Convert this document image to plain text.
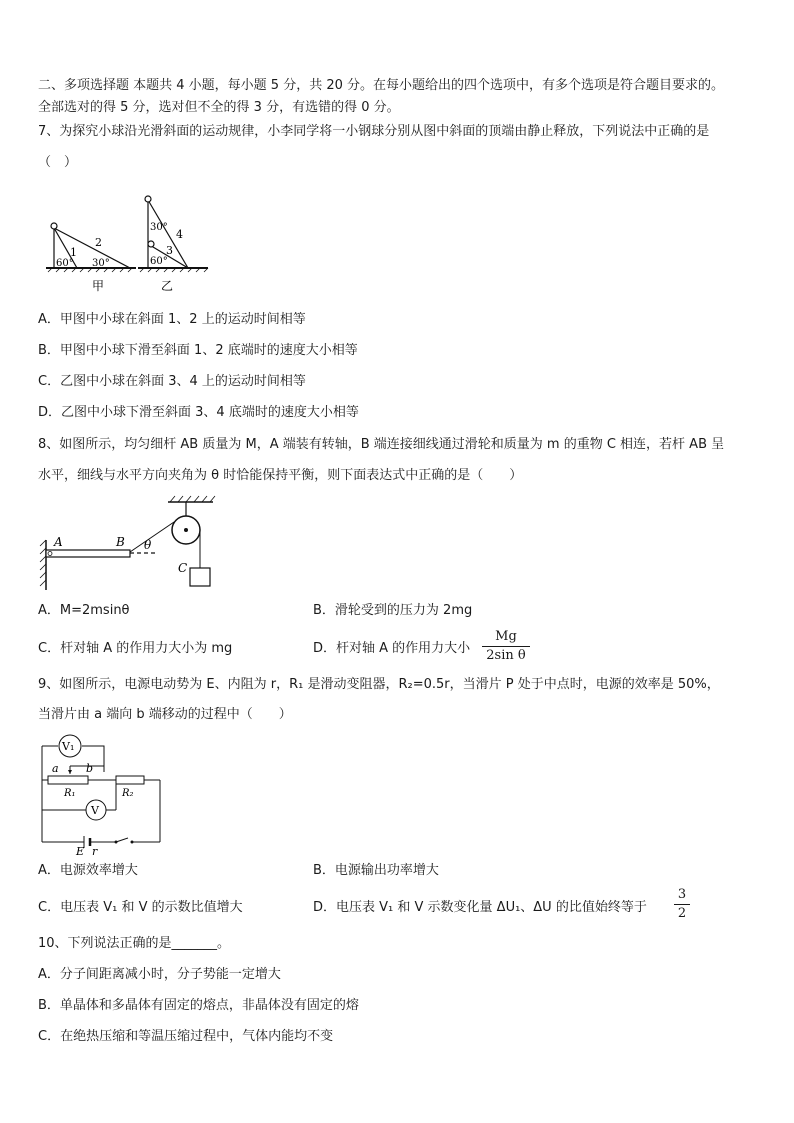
二、多项选择题 本题共 4 小题，每小题 5 分，共 20 分。在每小题给出的四个选项中，有多个选项是符合题目要求的。
全部选对的得 5 分，选对但不全的得 3 分，有选错的得 0 分。
7、为探究小球沿光滑斜面的运动规律，小李同学将一小钢球分别从图中斜面的顶端由静止释放，下列说法中正确的是
（　）
1
2
60° 30°
甲
30°
60°
4
3
乙
A．甲图中小球在斜面 1、2 上的运动时间相等
B．甲图中小球下滑至斜面 1、2 底端时的速度大小相等
C．乙图中小球在斜面 3、4 上的运动时间相等
D．乙图中小球下滑至斜面 3、4 底端时的速度大小相等
8、如图所示，均匀细杆 AB 质量为 M，A 端装有转轴，B 端连接细线通过滑轮和质量为 m 的重物 C 相连，若杆 AB 呈
水平，细线与水平方向夹角为 θ 时恰能保持平衡，则下面表达式中正确的是（　　）
A	B θ
C
A．M=2msinθ	B．滑轮受到的压力为 2mg
C．杆对轴 A 的作用力大小为 mg	D．杆对轴 A 的作用力大小
Mg
2sin θ
9、如图所示，电源电动势为 E、内阻为 r，R₁ 是滑动变阻器，R₂=0.5r，当滑片 P 处于中点时，电源的效率是 50%，
当滑片由 a 端向 b 端移动的过程中（　　）
V₁
V
a b
R₁	R₂
E r
A．电源效率增大	B．电源输出功率增大
C．电压表 V₁ 和 V 的示数比值增大	D．电压表 V₁ 和 V 示数变化量 ΔU₁、ΔU 的比值始终等于
3
2
10、下列说法正确的是_______。
A．分子间距离减小时，分子势能一定增大
B．单晶体和多晶体有固定的熔点，非晶体没有固定的熔
C．在绝热压缩和等温压缩过程中，气体内能均不变
